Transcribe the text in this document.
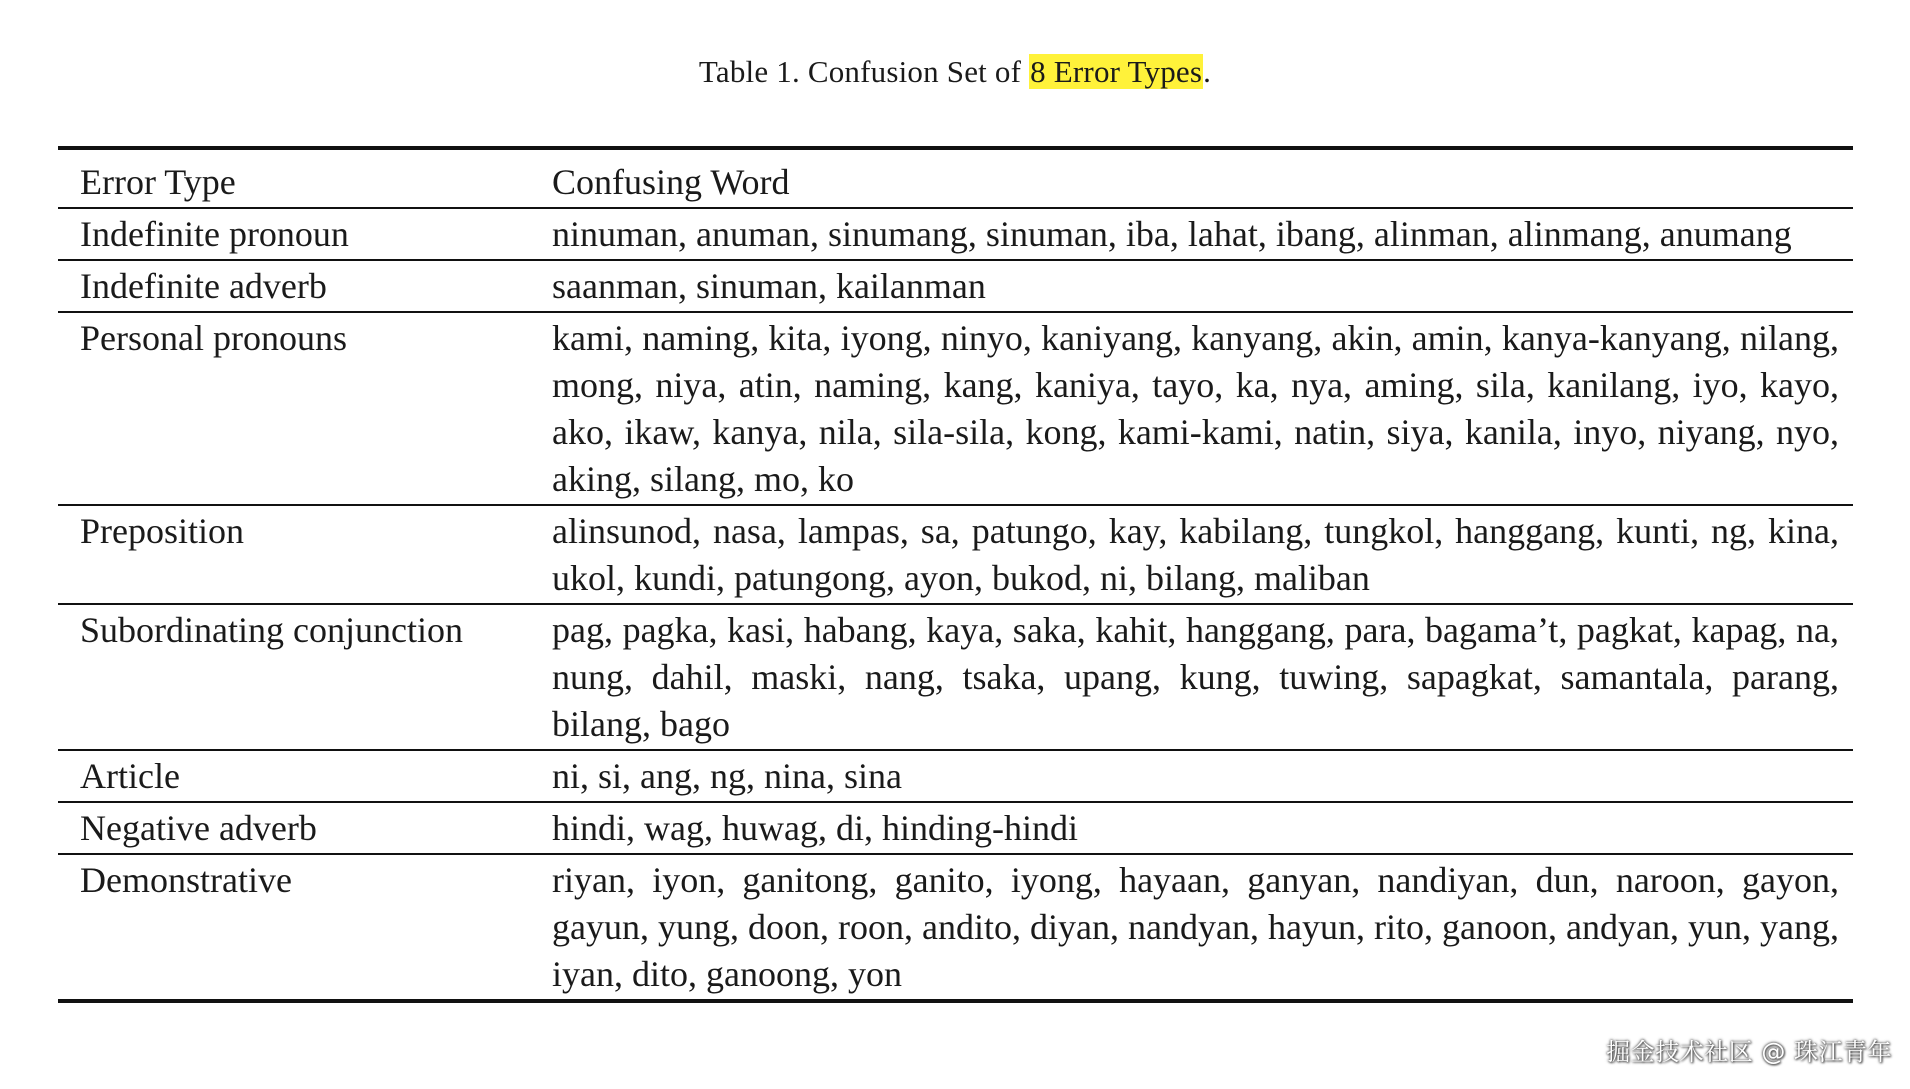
Table 1. Confusion Set of 8 Error Types.
Error Type	Confusing Word
Indefinite pronoun	ninuman, anuman, sinumang, sinuman, iba, lahat, ibang, alinman, alinmang, anumang
Indefinite adverb	saanman, sinuman, kailanman
Personal pronouns	kami, naming, kita, iyong, ninyo, kaniyang, kanyang, akin, amin, kanya-kanyang, nilang, mong, niya, atin, naming, kang, kaniya, tayo, ka, nya, aming, sila, kanilang, iyo, kayo, ako, ikaw, kanya, nila, sila-sila, kong, kami-kami, natin, siya, kanila, inyo, niyang, nyo, aking, silang, mo, ko
Preposition	alinsunod, nasa, lampas, sa, patungo, kay, kabilang, tungkol, hanggang, kunti, ng, kina, ukol, kundi, patungong, ayon, bukod, ni, bilang, maliban
Subordinating conjunction	pag, pagka, kasi, habang, kaya, saka, kahit, hanggang, para, bagama’t, pagkat, kapag, na, nung, dahil, maski, nang, tsaka, upang, kung, tuwing, sapagkat, samantala, parang, bilang, bago
Article	ni, si, ang, ng, nina, sina
Negative adverb	hindi, wag, huwag, di, hinding-hindi
Demonstrative	riyan, iyon, ganitong, ganito, iyong, hayaan, ganyan, nandiyan, dun, naroon, gayon, gayun, yung, doon, roon, andito, diyan, nandyan, hayun, rito, ganoon, andyan, yun, yang, iyan, dito, ganoong, yon
掘金技术社区 @ 珠江青年
